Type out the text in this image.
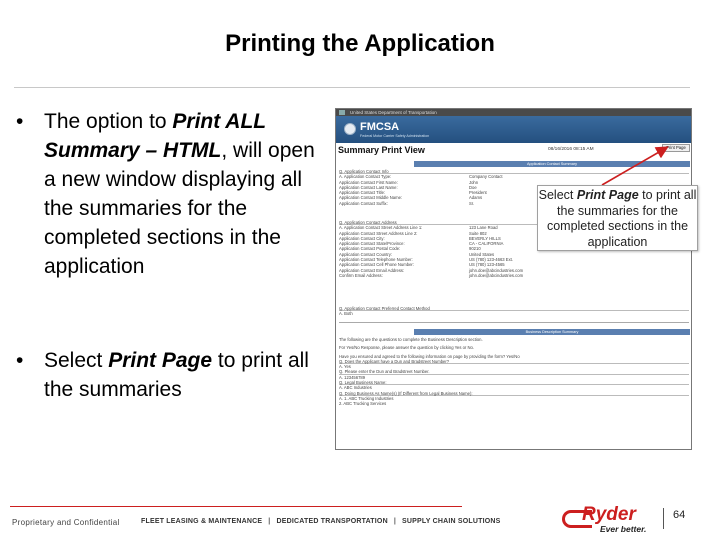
Printing the Application
• The option to Print ALL Summary – HTML, will open a new window displaying all the summaries for the completed sections in the application
• Select Print Page to print all the summaries
United States Department of Transportation
FMCSA
Federal Motor Carrier Safety Administration
Summary Print View	08/16/2016 08:15 AM	Print Page
Application Contact Summary
Q. Application Contact Info
A. Application Contact Type:	Company Contact
Application Contact First Name:	John
Application Contact Last Name:	Doe
Application Contact Title:	President
Application Contact Middle Name:	Adams
Application Contact Suffix:	Sr.
Q. Application Contact Address
A. Application Contact Street Address Line 1:	123 Lane Road
Application Contact Street Address Line 2:	Suite 802
Application Contact City:	BEVERLY HILLS
Application Contact State/Province:	CA - CALIFORNIA
Application Contact Postal Code:	90210
Application Contact Country:	United States
Application Contact Telephone Number:	US (780) 123-4663 Ext.
Application Contact Cell Phone Number:	US (780) 123-4565
Application Contact Email Address:	john.doe@abcindustries.com
Confirm Email Address:	john.doe@abcindustries.com
Q. Application Contact Preferred Contact Method
A. Both
Business Description Summary
The following are the questions to complete the Business Description section.
For Yes/No Response, please answer the question by clicking Yes or No.
Have you ensured and agreed to the following information on page by providing the form? Yes/No
Q. Does the Applicant have a Dun and Bradstreet Number?
A. Yes
Q. Please enter the Dun and Bradstreet Number.
A. 123456789
Q. Legal Business Name:
A. ABC Industries
Q. Doing Business As Name(s) (If Different from Legal Business Name):
A. 1. ABC Trucking Industries
2. ABC Trucking Services
Select Print Page to print all the summaries for the completed sections in the application
Proprietary and Confidential	FLEET LEASING & MAINTENANCE | DEDICATED TRANSPORTATION | SUPPLY CHAIN SOLUTIONS	Ryder
Ever better.
64
